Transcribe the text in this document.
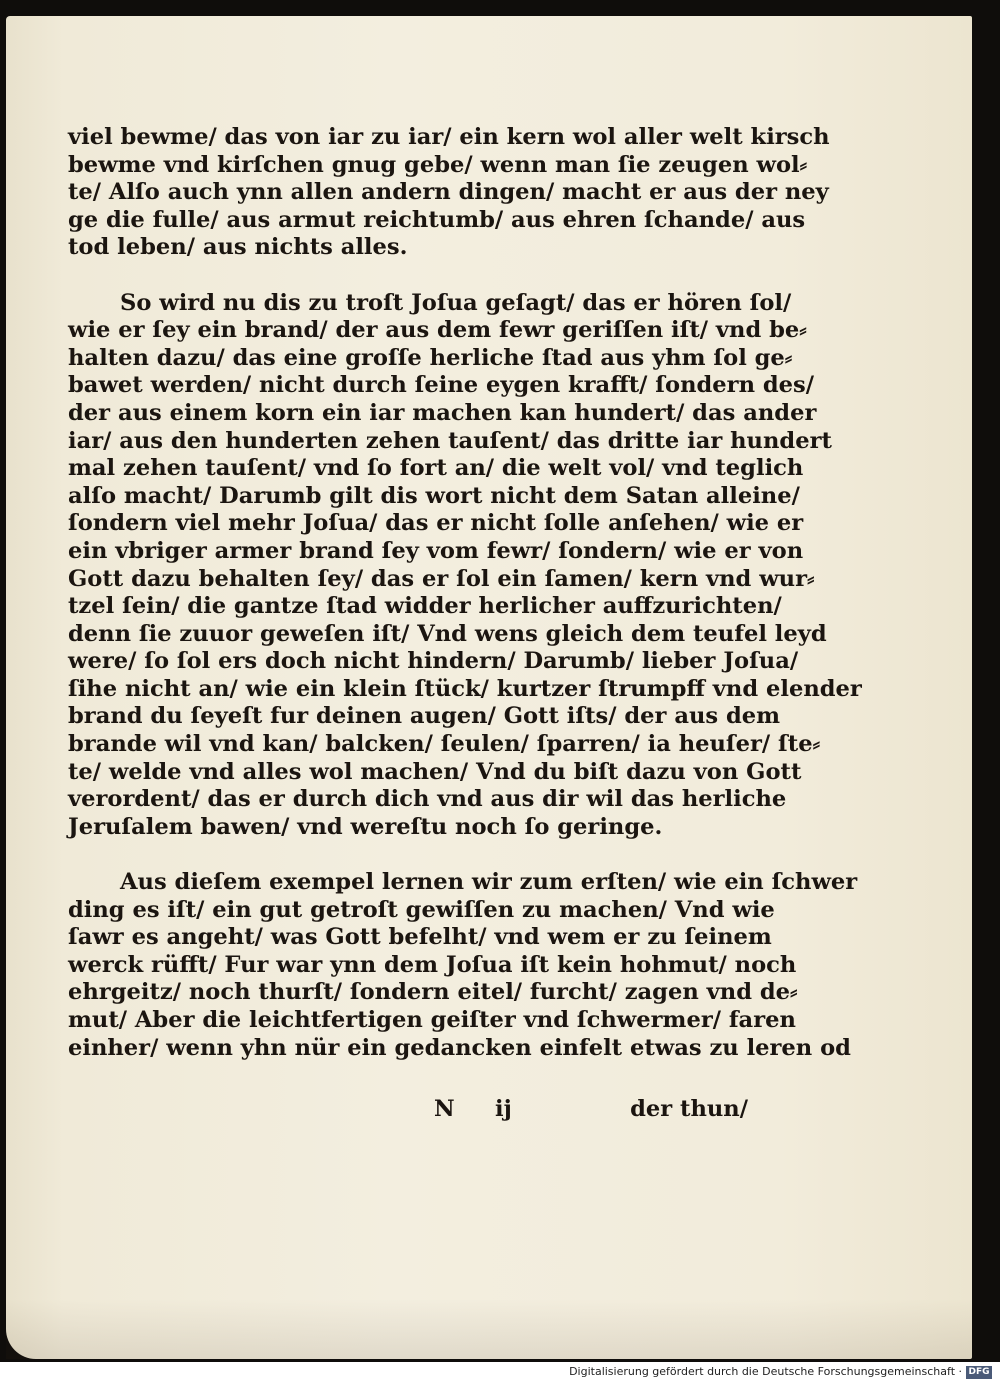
viel bewme/ das von iar zu iar/ ein kern wol aller welt kirsch
bewme vnd kirſchen gnug gebe/ wenn man ſie zeugen wol⸗
te/ Alſo auch ynn allen andern dingen/ macht er aus der ney
ge die fulle/ aus armut reichtumb/ aus ehren ſchande/ aus
tod leben/ aus nichts alles.

So wird nu dis zu troſt Joſua geſagt/ das er hören ſol/
wie er ſey ein brand/ der aus dem fewr geriſſen iſt/ vnd be⸗
halten dazu/ das eine groſſe herliche ſtad aus yhm ſol ge⸗
bawet werden/ nicht durch ſeine eygen krafft/ ſondern des/
der aus einem korn ein iar machen kan hundert/ das ander
iar/ aus den hunderten zehen tauſent/ das dritte iar hundert
mal zehen tauſent/ vnd ſo fort an/ die welt vol/ vnd teglich
alſo macht/ Darumb gilt dis wort nicht dem Satan alleine/
ſondern viel mehr Joſua/ das er nicht ſolle anſehen/ wie er
ein vbriger armer brand ſey vom fewr/ ſondern/ wie er von
Gott dazu behalten ſey/ das er ſol ein ſamen/ kern vnd wur⸗
tzel ſein/ die gantze ſtad widder herlicher auffzurichten/
denn ſie zuuor geweſen iſt/ Vnd wens gleich dem teufel leyd
were/ ſo ſol ers doch nicht hindern/ Darumb/ lieber Joſua/
ſihe nicht an/ wie ein klein ſtück/ kurtzer ſtrumpff vnd elender
brand du ſeyeſt fur deinen augen/ Gott iſts/ der aus dem
brande wil vnd kan/ balcken/ ſeulen/ ſparren/ ia heuſer/ ſte⸗
te/ welde vnd alles wol machen/ Vnd du biſt dazu von Gott
verordent/ das er durch dich vnd aus dir wil das herliche
Jeruſalem bawen/ vnd wereſtu noch ſo geringe.

Aus dieſem exempel lernen wir zum erſten/ wie ein ſchwer
ding es iſt/ ein gut getroſt gewiſſen zu machen/ Vnd wie
ſawr es angeht/ was Gott befelht/ vnd wem er zu ſeinem
werck rüfft/ Fur war ynn dem Joſua iſt kein hohmut/ noch
ehrgeitz/ noch thurſt/ ſondern eitel/ furcht/ zagen vnd de⸗
mut/ Aber die leichtfertigen geiſter vnd ſchwermer/ faren
einher/ wenn yhn nür ein gedancken einfelt etwas zu leren od

N ij	der thun/
Digitalisierung gefördert durch die Deutsche Forschungsgemeinschaft · DFG
